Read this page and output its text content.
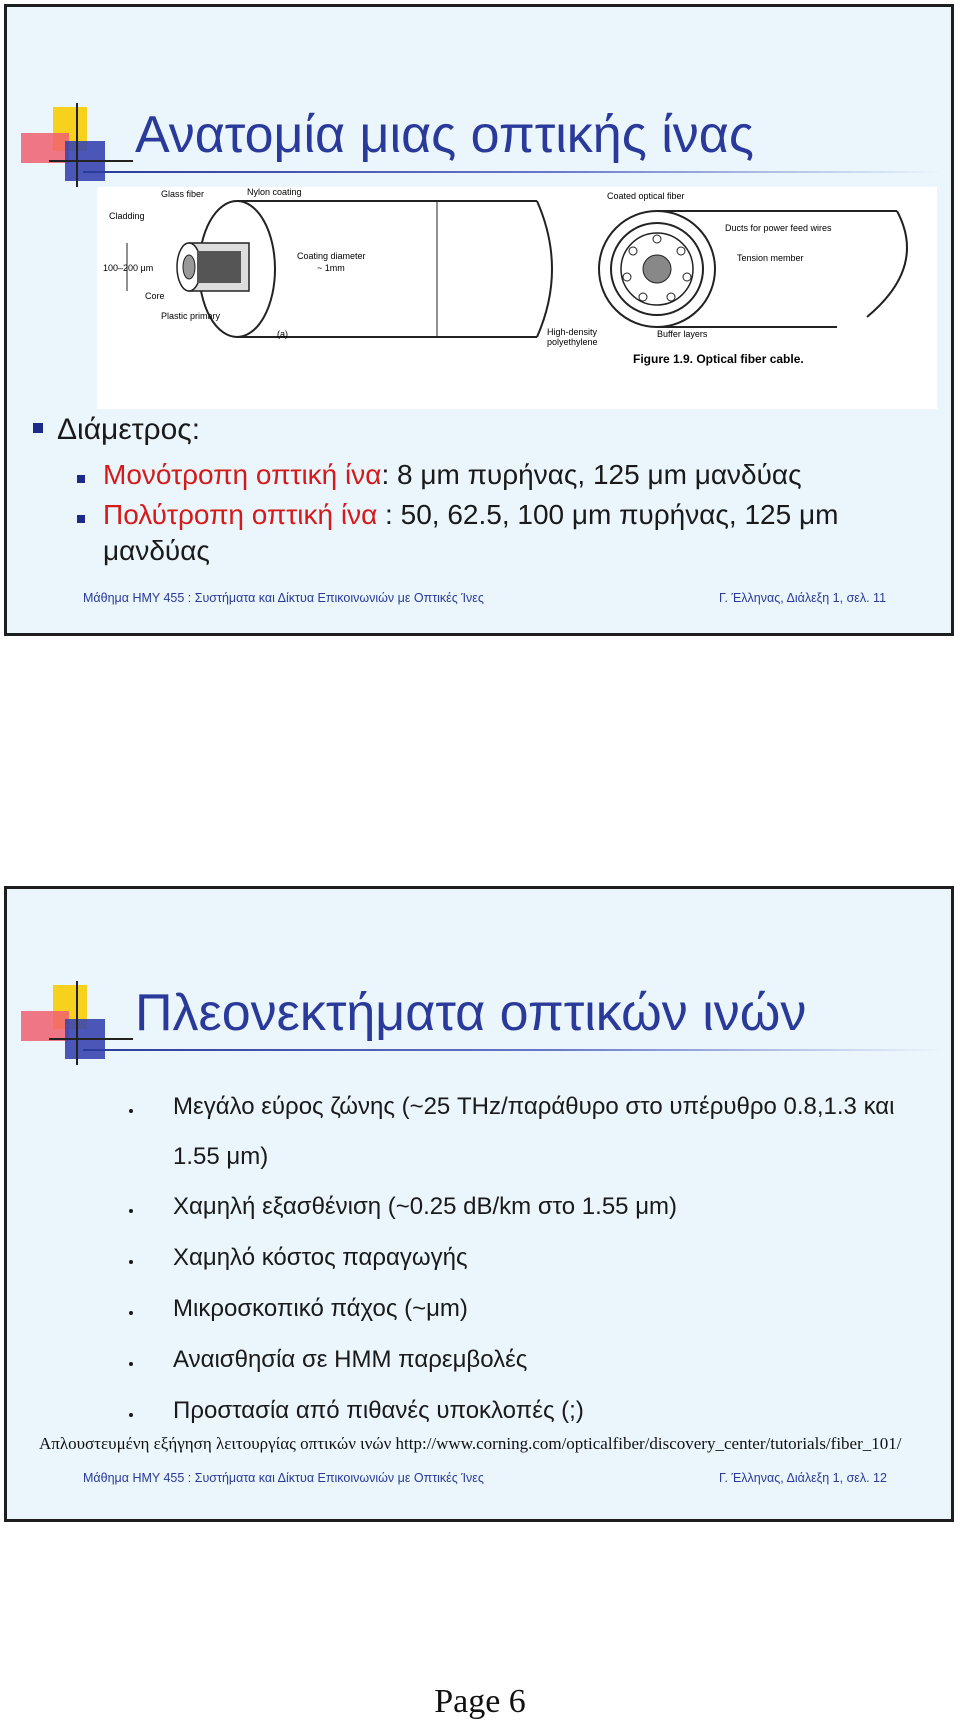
Ανατομία μιας οπτικής ίνας
Glass fiber	Nylon coating
Cladding
100–200 μm
Coating diameter
~ 1mm
Core
Plastic primary
(a)
Coated optical fiber
Ducts for power feed wires
Tension member
High-density
polyethylene
Buffer layers
Figure 1.9. Optical fiber cable.
Διάμετρος:
Μονότροπη οπτική ίνα: 8 μm πυρήνας, 125 μm μανδύας
Πολύτροπη οπτική ίνα : 50, 62.5, 100 μm πυρήνας, 125 μm
μανδύας
Μάθημα ΗΜΥ 455 : Συστήματα και Δίκτυα Επικοινωνιών με Οπτικές Ίνες	Γ. Έλληνας, Διάλεξη 1, σελ. 11
Πλεονεκτήματα οπτικών ινών
Μεγάλο εύρος ζώνης (~25 THz/παράθυρο στο υπέρυθρο 0.8,1.3 και
1.55 μm)
Χαμηλή εξασθένιση (~0.25 dB/km στο 1.55 μm)
Χαμηλό κόστος παραγωγής
Μικροσκοπικό πάχος (~μm)
Αναισθησία σε ΗΜΜ παρεμβολές
Προστασία από πιθανές υποκλοπές (;)
Απλουστευμένη εξήγηση λειτουργίας οπτικών ινών http://www.corning.com/opticalfiber/discovery_center/tutorials/fiber_101/
Μάθημα ΗΜΥ 455 : Συστήματα και Δίκτυα Επικοινωνιών με Οπτικές Ίνες	Γ. Έλληνας, Διάλεξη 1, σελ. 12
Page 6
